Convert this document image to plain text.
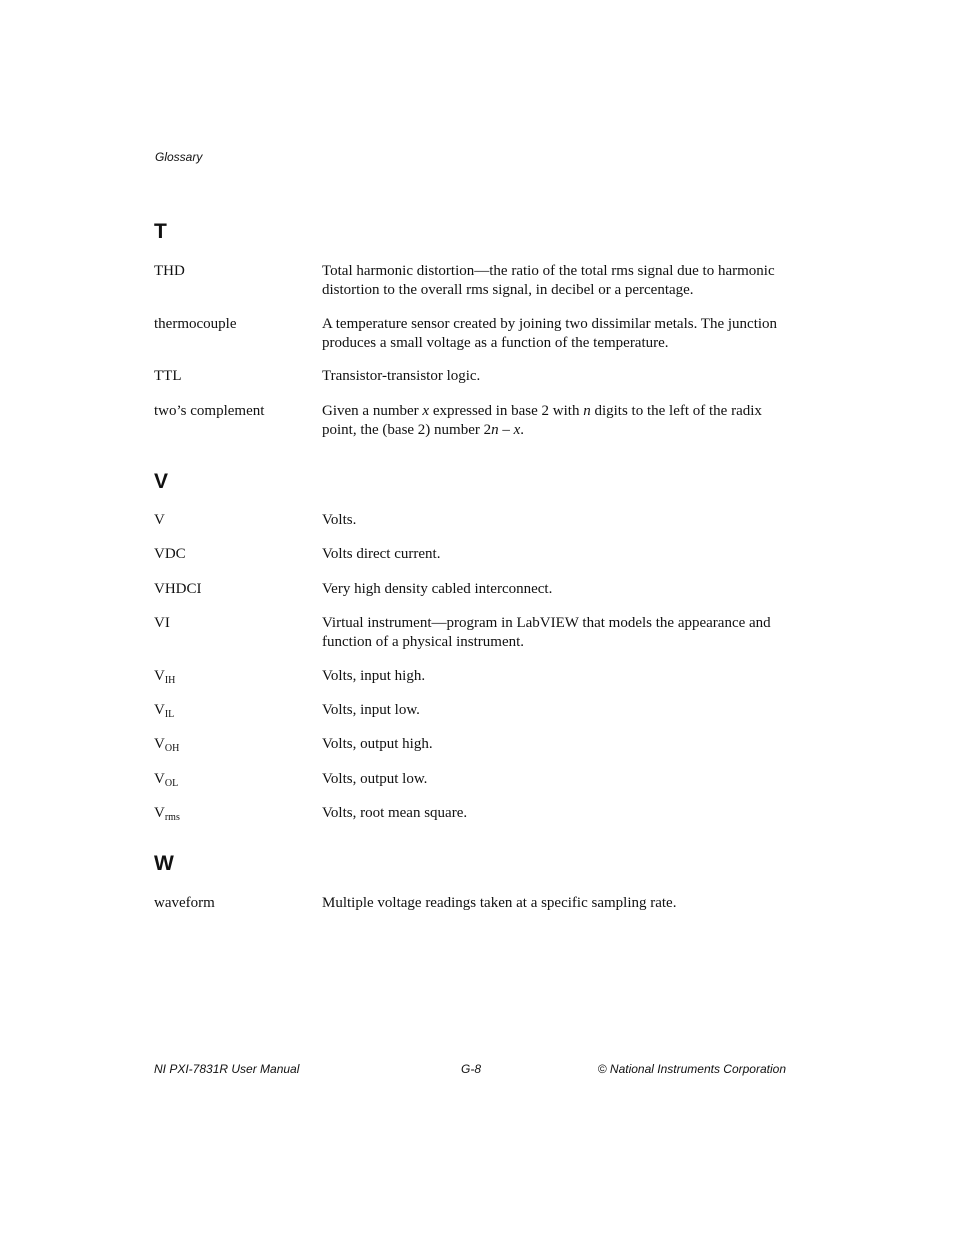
Glossary
T
THD	Total harmonic distortion—the ratio of the total rms signal due to harmonic distortion to the overall rms signal, in decibel or a percentage.
thermocouple	A temperature sensor created by joining two dissimilar metals. The junction produces a small voltage as a function of the temperature.
TTL	Transistor-transistor logic.
two’s complement	Given a number x expressed in base 2 with n digits to the left of the radix point, the (base 2) number 2n – x.
V
V	Volts.
VDC	Volts direct current.
VHDCI	Very high density cabled interconnect.
VI	Virtual instrument—program in LabVIEW that models the appearance and function of a physical instrument.
$V_{IH}$	Volts, input high.
$V_{IL}$	Volts, input low.
$V_{OH}$	Volts, output high.
$V_{OL}$	Volts, output low.
$V_{rms}$	Volts, root mean square.
W
waveform	Multiple voltage readings taken at a specific sampling rate.
NI PXI-7831R User Manual	G-8	© National Instruments Corporation
